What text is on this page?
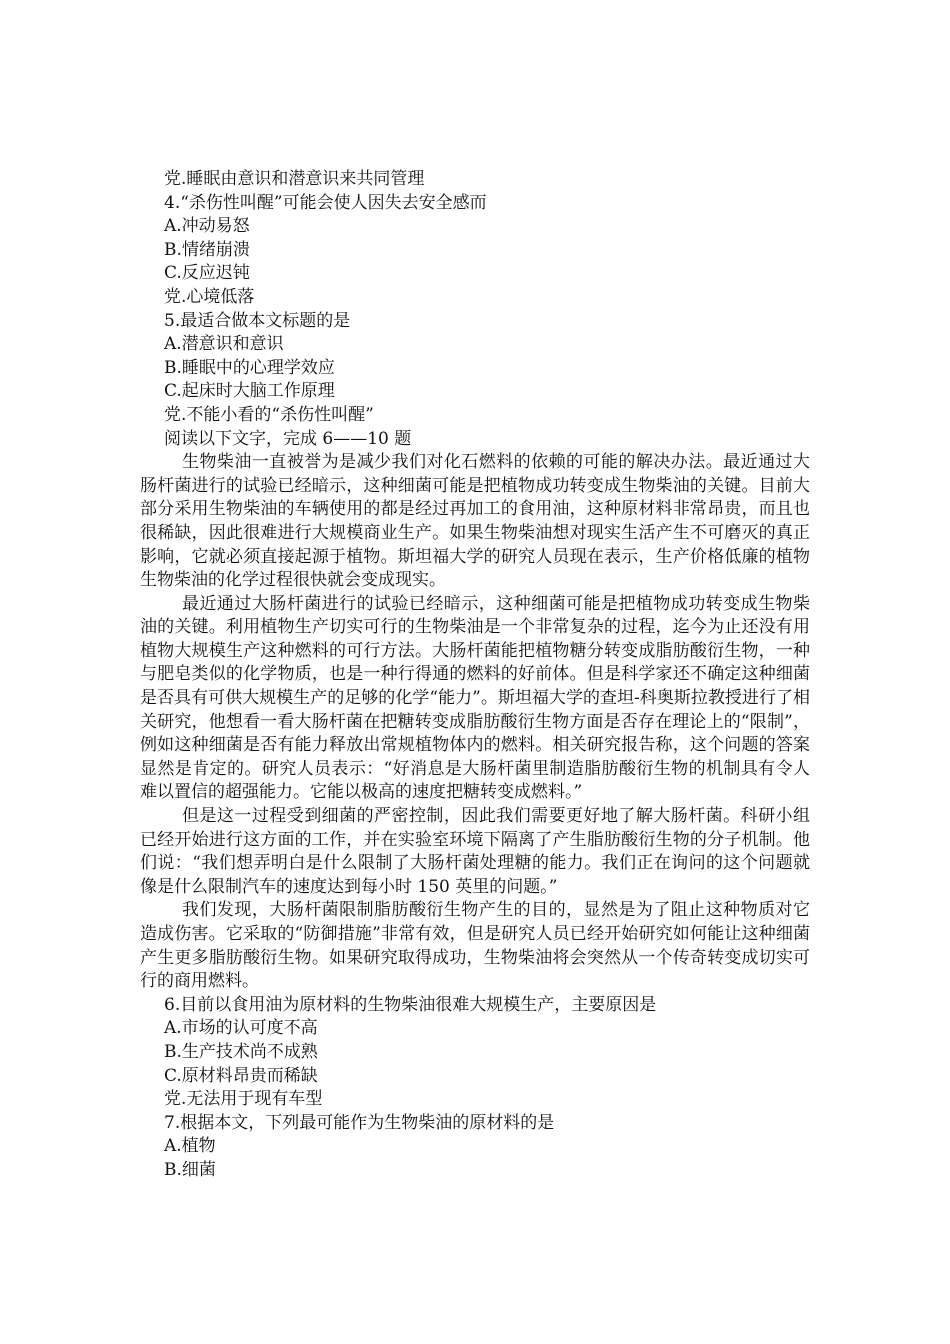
党.睡眠由意识和潜意识来共同管理

4.“杀伤性叫醒”可能会使人因失去安全感而

A.冲动易怒

B.情绪崩溃

C.反应迟钝

党.心境低落

5.最适合做本文标题的是

A.潜意识和意识

B.睡眠中的心理学效应

C.起床时大脑工作原理

党.不能小看的“杀伤性叫醒”

阅读以下文字，完成 6——10 题

生物柴油一直被誉为是减少我们对化石燃料的依赖的可能的解决办法。最近通过大肠杆菌进行的试验已经暗示，这种细菌可能是把植物成功转变成生物柴油的关键。目前大部分采用生物柴油的车辆使用的都是经过再加工的食用油，这种原材料非常昂贵，而且也很稀缺，因此很难进行大规模商业生产。如果生物柴油想对现实生活产生不可磨灭的真正影响，它就必须直接起源于植物。斯坦福大学的研究人员现在表示，生产价格低廉的植物生物柴油的化学过程很快就会变成现实。

最近通过大肠杆菌进行的试验已经暗示，这种细菌可能是把植物成功转变成生物柴油的关键。利用植物生产切实可行的生物柴油是一个非常复杂的过程，迄今为止还没有用植物大规模生产这种燃料的可行方法。大肠杆菌能把植物糖分转变成脂肪酸衍生物，一种与肥皂类似的化学物质，也是一种行得通的燃料的好前体。但是科学家还不确定这种细菌是否具有可供大规模生产的足够的化学“能力”。斯坦福大学的查坦-科奥斯拉教授进行了相关研究，他想看一看大肠杆菌在把糖转变成脂肪酸衍生物方面是否存在理论上的“限制”，例如这种细菌是否有能力释放出常规植物体内的燃料。相关研究报告称，这个问题的答案显然是肯定的。研究人员表示：“好消息是大肠杆菌里制造脂肪酸衍生物的机制具有令人难以置信的超强能力。它能以极高的速度把糖转变成燃料。”

但是这一过程受到细菌的严密控制，因此我们需要更好地了解大肠杆菌。科研小组已经开始进行这方面的工作，并在实验室环境下隔离了产生脂肪酸衍生物的分子机制。他们说：“我们想弄明白是什么限制了大肠杆菌处理糖的能力。我们正在询问的这个问题就像是什么限制汽车的速度达到每小时 150 英里的问题。”

我们发现，大肠杆菌限制脂肪酸衍生物产生的目的，显然是为了阻止这种物质对它造成伤害。它采取的“防御措施”非常有效，但是研究人员已经开始研究如何能让这种细菌产生更多脂肪酸衍生物。如果研究取得成功，生物柴油将会突然从一个传奇转变成切实可行的商用燃料。

6.目前以食用油为原材料的生物柴油很难大规模生产，主要原因是

A.市场的认可度不高

B.生产技术尚不成熟

C.原材料昂贵而稀缺

党.无法用于现有车型

7.根据本文，下列最可能作为生物柴油的原材料的是

A.植物

B.细菌
